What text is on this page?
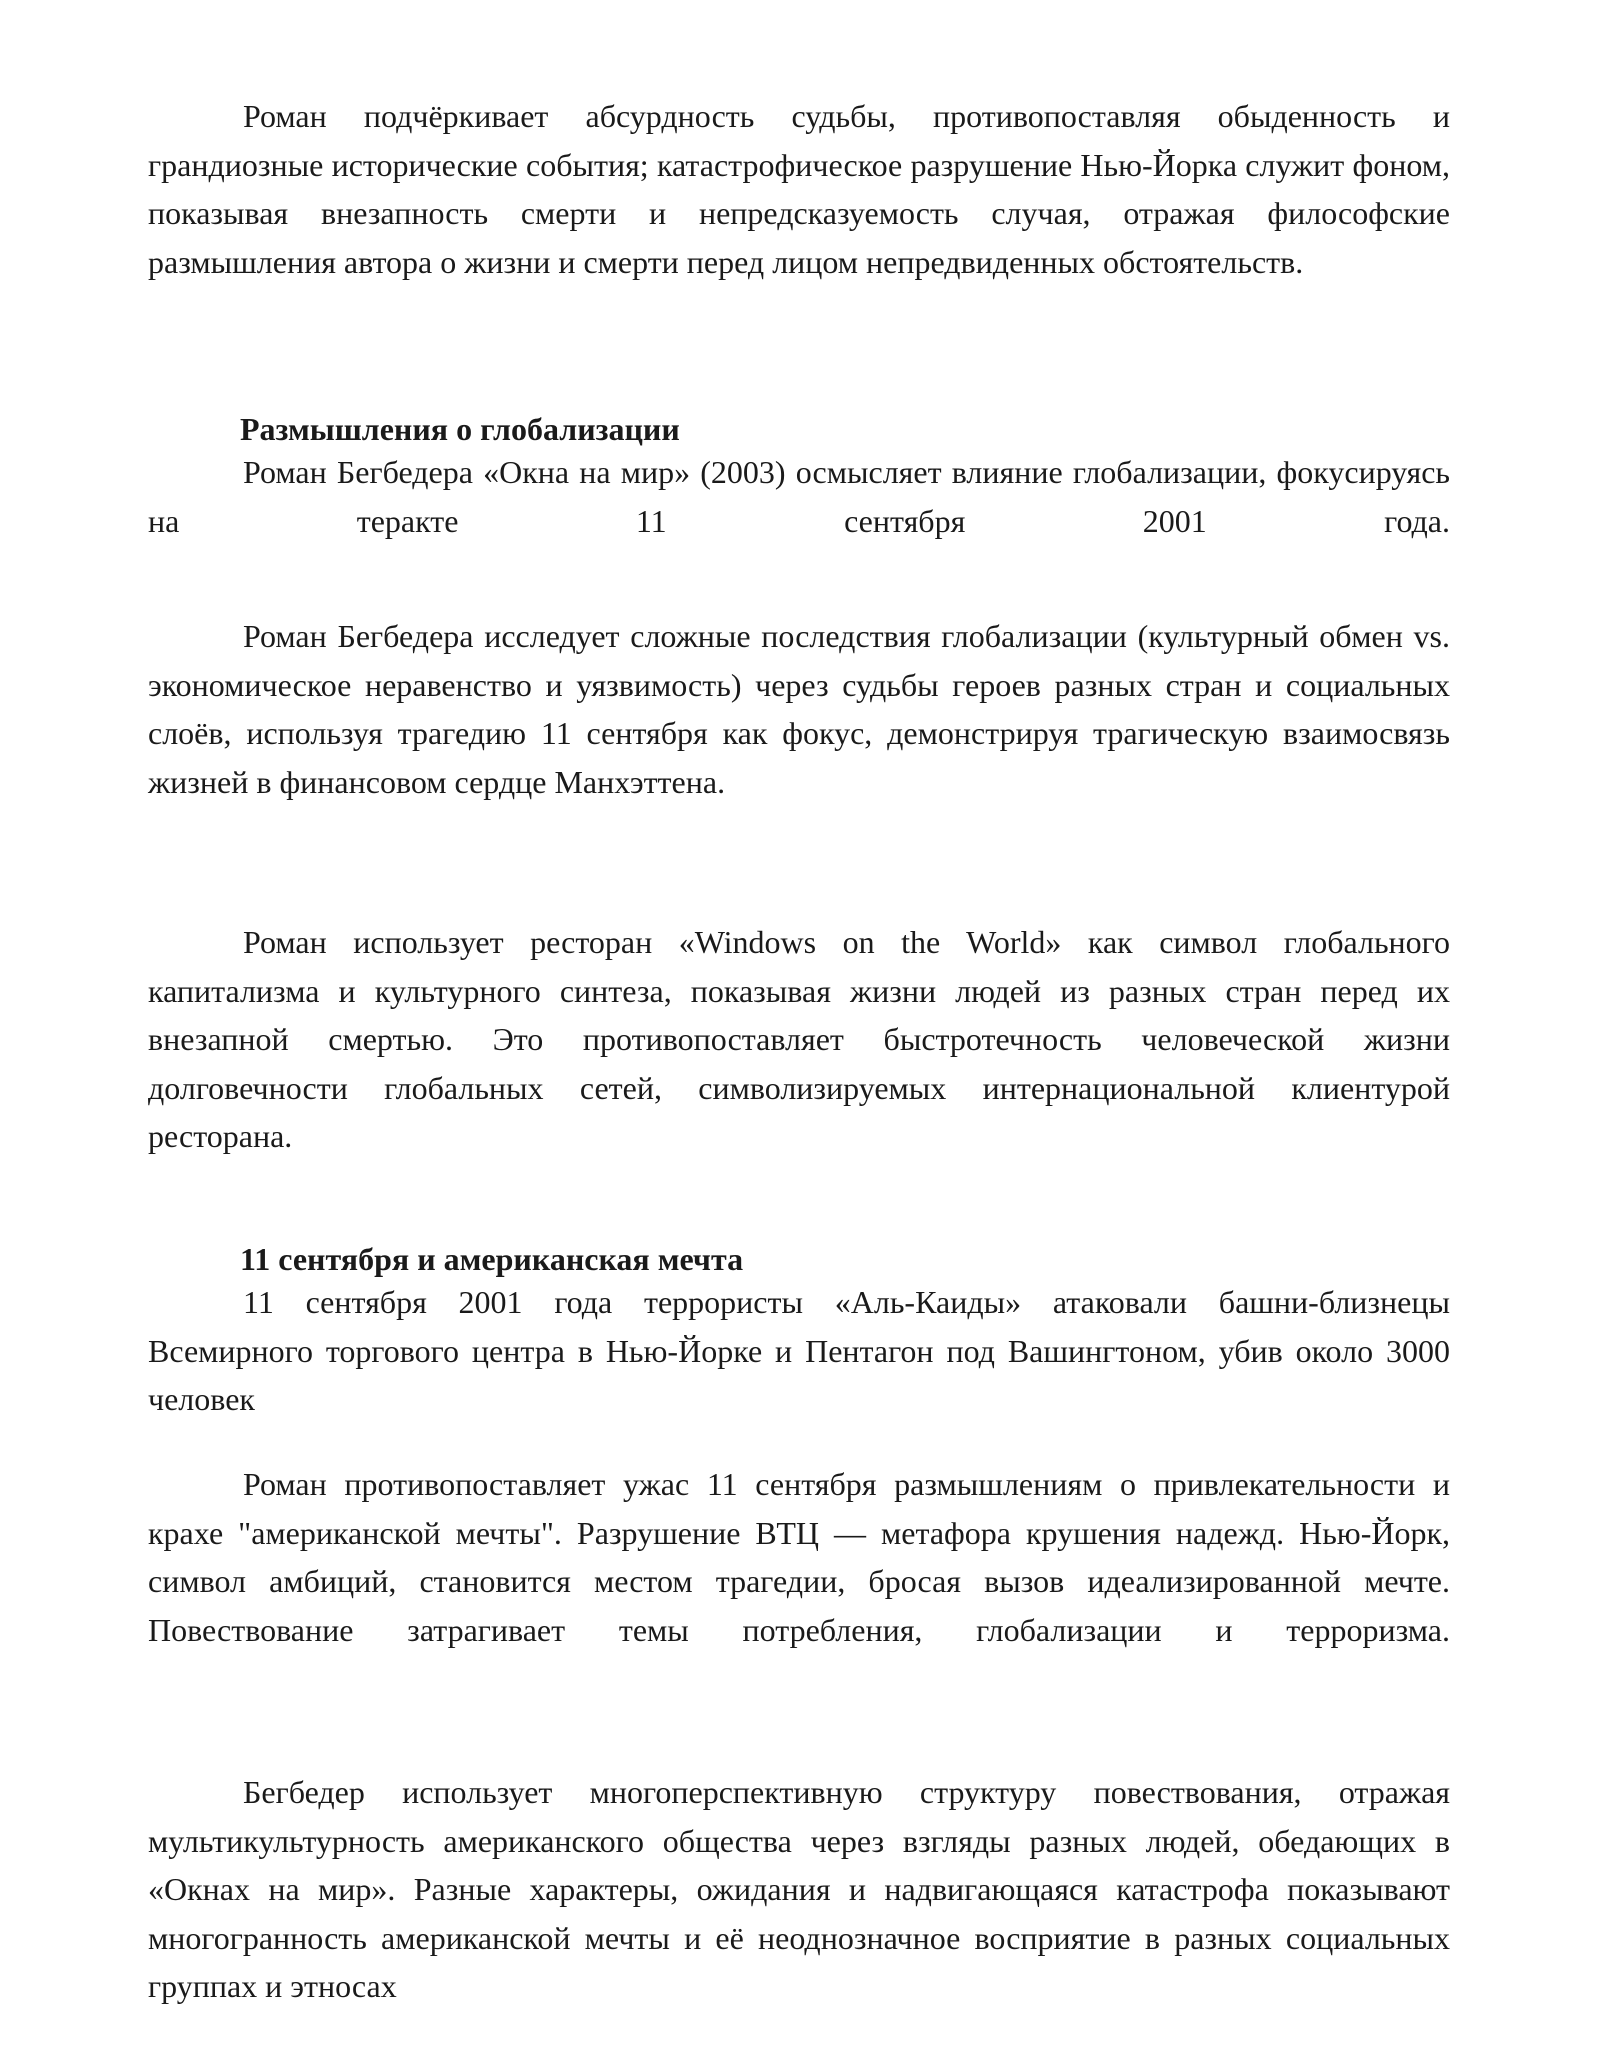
Роман подчёркивает абсурдность судьбы, противопоставляя обыденность и грандиозные исторические события; катастрофическое разрушение Нью-Йорка служит фоном, показывая внезапность смерти и непредсказуемость случая, отражая философские размышления автора о жизни и смерти перед лицом непредвиденных обстоятельств.

Размышления о глобализации

Роман Бегбедера «Окна на мир» (2003) осмысляет влияние глобализации, фокусируясь на теракте 11 сентября 2001 года.

Роман Бегбедера исследует сложные последствия глобализации (культурный обмен vs. экономическое неравенство и уязвимость) через судьбы героев разных стран и социальных слоёв, используя трагедию 11 сентября как фокус, демонстрируя трагическую взаимосвязь жизней в финансовом сердце Манхэттена.

Роман использует ресторан «Windows on the World» как символ глобального капитализма и культурного синтеза, показывая жизни людей из разных стран перед их внезапной смертью. Это противопоставляет быстротечность человеческой жизни долговечности глобальных сетей, символизируемых интернациональной клиентурой ресторана.

11 сентября и американская мечта

11 сентября 2001 года террористы «Аль-Каиды» атаковали башни-близнецы Всемирного торгового центра в Нью-Йорке и Пентагон под Вашингтоном, убив около 3000 человек

Роман противопоставляет ужас 11 сентября размышлениям о привлекательности и крахе "американской мечты". Разрушение ВТЦ — метафора крушения надежд. Нью-Йорк, символ амбиций, становится местом трагедии, бросая вызов идеализированной мечте. Повествование затрагивает темы потребления, глобализации и терроризма.

Бегбедер использует многоперспективную структуру повествования, отражая мультикультурность американского общества через взгляды разных людей, обедающих в «Окнах на мир». Разные характеры, ожидания и надвигающаяся катастрофа показывают многогранность американской мечты и её неоднозначное восприятие в разных социальных группах и этносах
